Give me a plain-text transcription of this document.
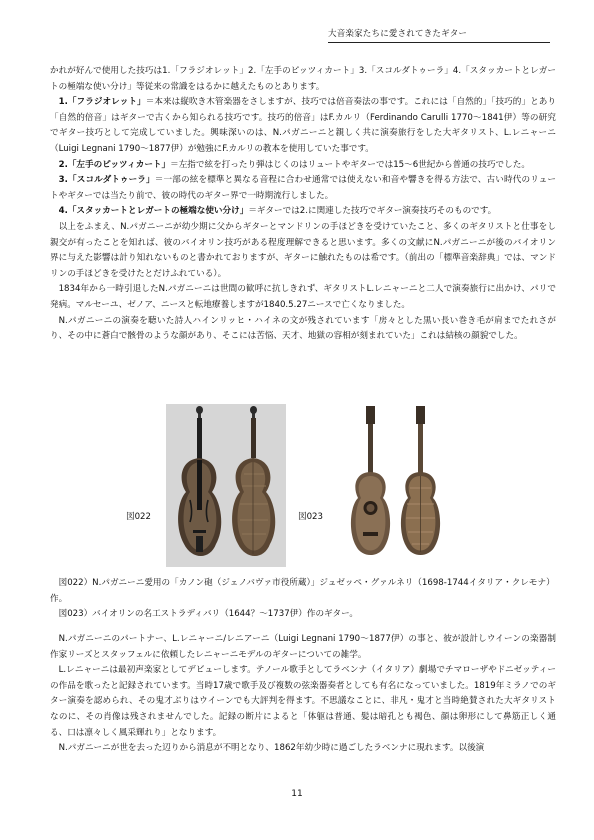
大音楽家たちに愛されてきたギター

かれが好んで使用した技巧は1.「フラジオレット」2.「左手のピッツィカート」3.「スコルダトゥーラ」4.「スタッカートとレガートの極端な使い分け」等従来の常識をはるかに越えたものとあります。

1.「フラジオレット」＝本来は縦吹き木管楽器をさしますが、技巧では倍音奏法の事です。これには「自然的」「技巧的」とあり「自然的倍音」はギターで古くから知られる技巧です。技巧的倍音」はF.カルリ（Ferdinando Carulli 1770～1841伊）等の研究でギター技巧として完成していました。興味深いのは、N.パガニーニと親しく共に演奏旅行をした大ギタリスト、L.レニャーニ（Luigi Legnani 1790～1877伊）が勉強にF.カルリの教本を使用していた事です。

2.「左手のピッツィカート」＝左指で絃を打ったり弾はじくのはリュートやギターでは15～6世紀から普通の技巧でした。

3.「スコルダトゥーラ」＝一部の絃を標準と異なる音程に合わせ通常では使えない和音や響きを得る方法で、古い時代のリュートやギターでは当たり前で、彼の時代のギター界で一時期流行しました。

4.「スタッカートとレガートの極端な使い分け」＝ギターでは2.に関連した技巧でギター演奏技巧そのものです。

以上をふまえ、N.パガニーニが幼少期に父からギターとマンドリンの手ほどきを受けていたこと、多くのギタリストと仕事をし親交が有ったことを知れば、彼のバイオリン技巧がある程度理解できると思います。多くの文献にN.パガニーニが後のバイオリン界に与えた影響は計り知れないものと書かれておりますが、ギターに触れたものは希です。（前出の「標準音楽辞典」では、マンドリンの手ほどきを受けたとだけふれている）。

1834年から一時引退したN.パガニーニは世間の歓呼に抗しきれず、ギタリストL.レニャーニと二人で演奏旅行に出かけ、パリで発病。マルセーユ、ゼノア、ニースと転地療養しますが1840.5.27ニースで亡くなりました。

N.パガニーニの演奏を聴いた詩人ハインリッヒ・ハイネの文が残されています「房々とした黒い長い巻き毛が肩までたれさがり、その中に蒼白で骸骨のような顔があり、そこには苦悩、天才、地獄の容相が刻まれていた」これは結核の顔貌でした。

図022	図023

図022）N.パガニーニ愛用の「カノン砲（ジェノバヴァ市役所蔵）」ジュゼッペ・グァルネリ（1698-1744イタリア・クレモナ）作。

図023）バイオリンの名工ストラディバリ（1644？～1737伊）作のギター。

N.パガニーニのパートナー、L.レニャーニ/レニアーニ（Luigi Legnani 1790～1877伊）の事と、彼が設計しウイーンの楽器制作家リーズとスタッフェルに依頼したレニャーニモデルのギターについての雑学。

L.レニャーニは最初声楽家としてデビューします。テノール歌手としてラベンナ（イタリア）劇場でチマローザやドニゼッティーの作品を歌ったと記録されています。当時17歳で歌手及び複数の弦楽器奏者としても有名になっていました。1819年ミラノでのギター演奏を認められ、その鬼才ぶりはウイーンでも大評判を得ます。不思議なことに、非凡・鬼才と当時絶賛された大ギタリストなのに、その肖像は残されませんでした。記録の断片によると「体躯は普通、髪は暗孔とも褐色、顔は卵形にして鼻筋正しく通る、口は凛々しく風采輝れり」となります。

N.パガニーニが世を去った辺りから消息が不明となり、1862年幼少時に過ごしたラベンナに現れます。以後演

11
